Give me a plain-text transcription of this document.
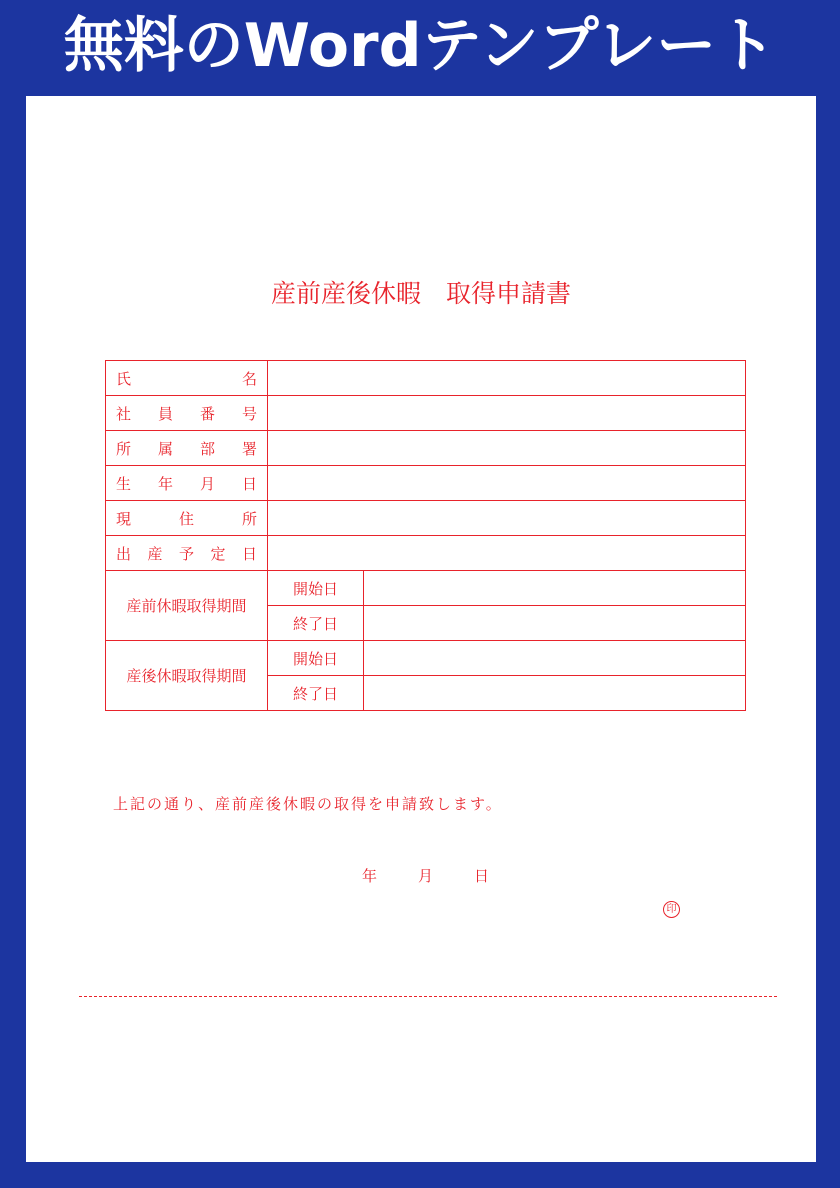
無料のWordテンプレート
産前産後休暇　取得申請書
氏 名		

社 員 番 号		

所 属 部 署		

生 年 月 日		

現 住 所		

出 産 予 定 日		

産前休暇取得期間	開始日	
	終了日	
産後休暇取得期間	開始日	
	終了日	
上記の通り、産前産後休暇の取得を申請致します。
年	月	日
印
